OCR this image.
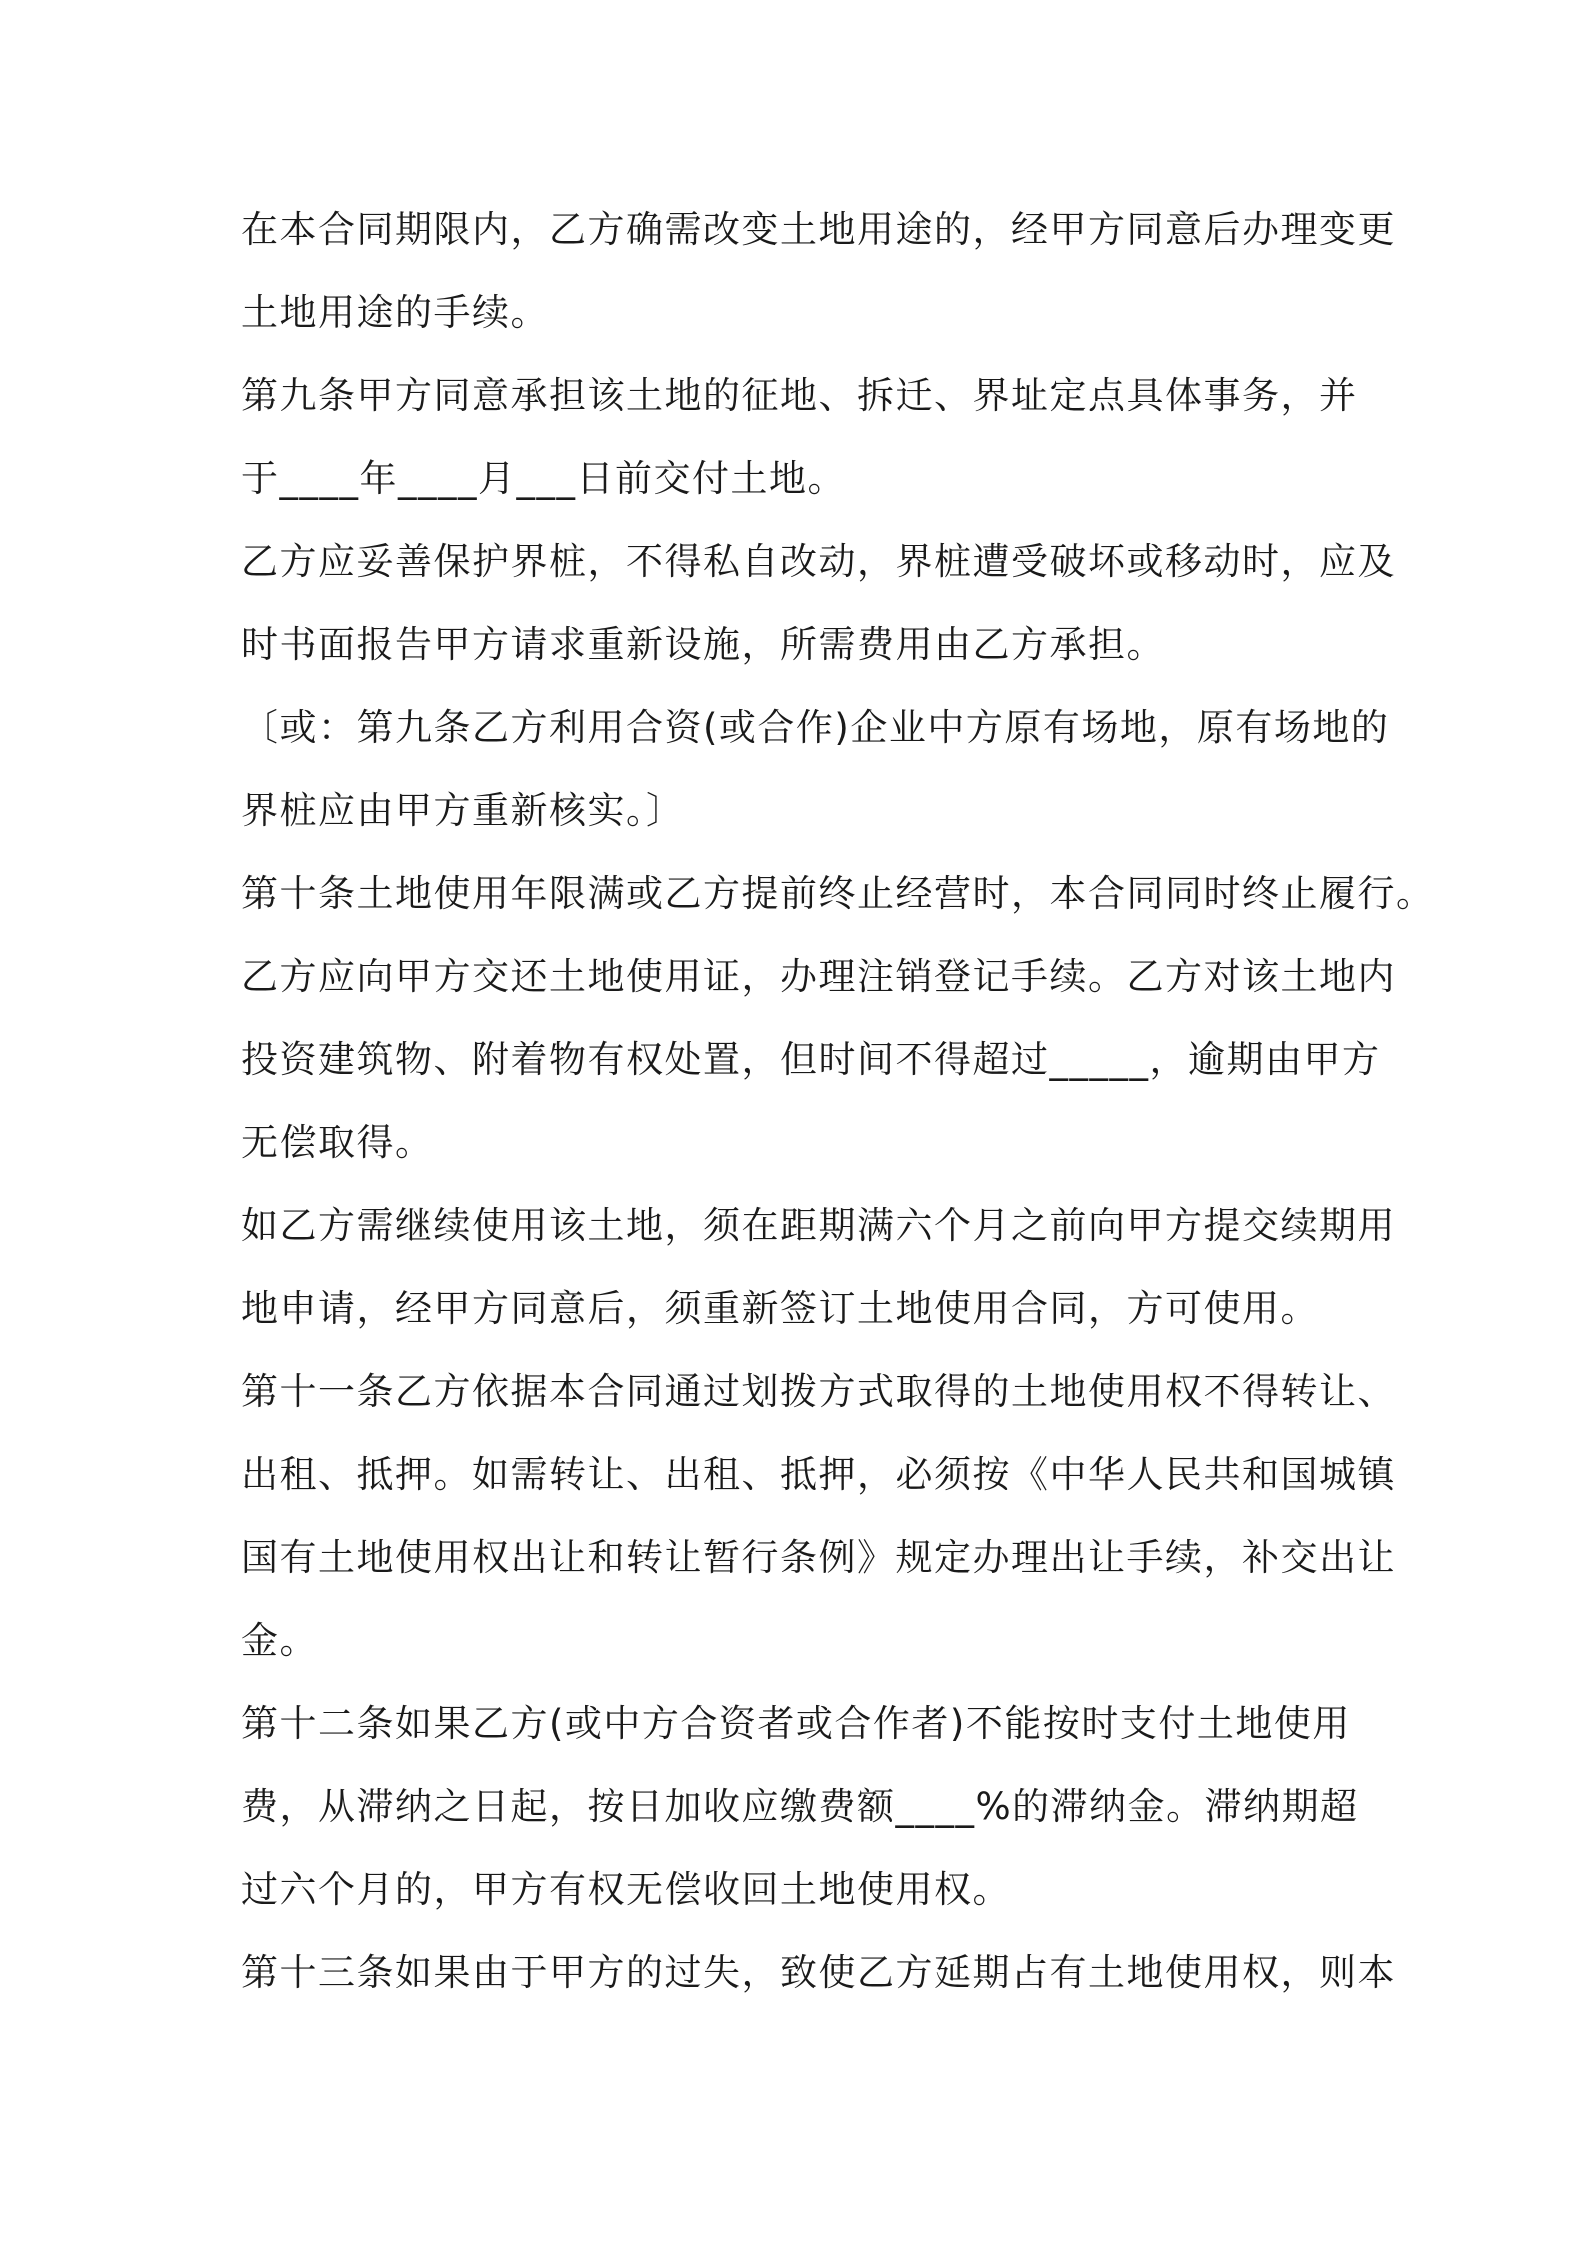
在本合同期限内，乙方确需改变土地用途的，经甲方同意后办理变更
土地用途的手续。
第九条甲方同意承担该土地的征地、拆迁、界址定点具体事务，并
于____年____月___日前交付土地。
乙方应妥善保护界桩，不得私自改动，界桩遭受破坏或移动时，应及
时书面报告甲方请求重新设施，所需费用由乙方承担。
〔或：第九条乙方利用合资(或合作)企业中方原有场地，原有场地的
界桩应由甲方重新核实。〕
第十条土地使用年限满或乙方提前终止经营时，本合同同时终止履行。
乙方应向甲方交还土地使用证，办理注销登记手续。乙方对该土地内
投资建筑物、附着物有权处置，但时间不得超过_____，逾期由甲方
无偿取得。
如乙方需继续使用该土地，须在距期满六个月之前向甲方提交续期用
地申请，经甲方同意后，须重新签订土地使用合同，方可使用。
第十一条乙方依据本合同通过划拨方式取得的土地使用权不得转让、
出租、抵押。如需转让、出租、抵押，必须按《中华人民共和国城镇
国有土地使用权出让和转让暂行条例》规定办理出让手续，补交出让
金。
第十二条如果乙方(或中方合资者或合作者)不能按时支付土地使用
费，从滞纳之日起，按日加收应缴费额____%的滞纳金。滞纳期超
过六个月的，甲方有权无偿收回土地使用权。
第十三条如果由于甲方的过失，致使乙方延期占有土地使用权，则本
